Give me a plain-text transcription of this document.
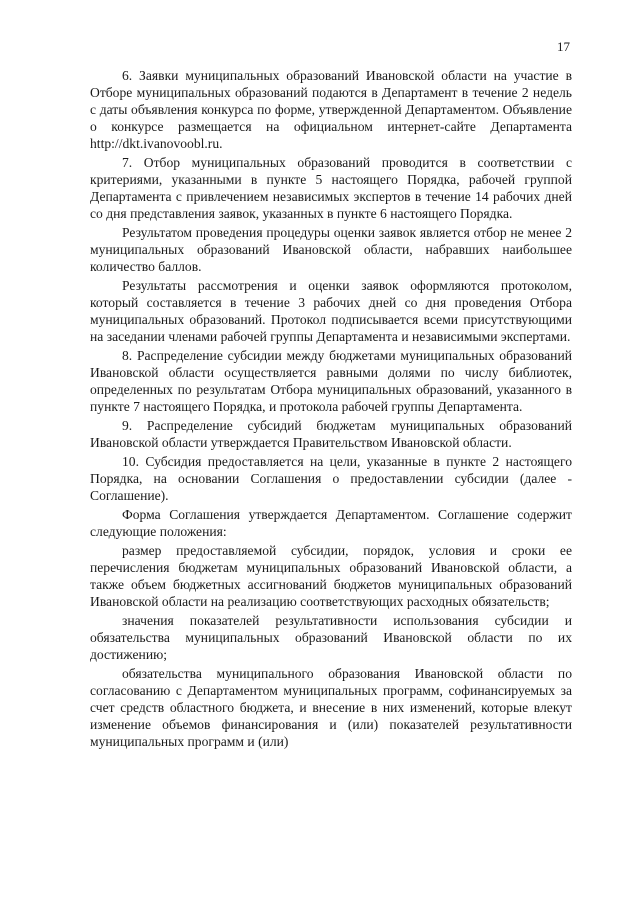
17

6. Заявки муниципальных образований Ивановской области на участие в Отборе муниципальных образований подаются в Департамент в течение 2 недель с даты объявления конкурса по форме, утвержденной Департаментом. Объявление о конкурсе размещается на официальном интернет-сайте Департамента http://dkt.ivanovoobl.ru.

7. Отбор муниципальных образований проводится в соответствии с критериями, указанными в пункте 5 настоящего Порядка, рабочей группой Департамента с привлечением независимых экспертов в течение 14 рабочих дней со дня представления заявок, указанных в пункте 6 настоящего Порядка.

Результатом проведения процедуры оценки заявок является отбор не менее 2 муниципальных образований Ивановской области, набравших наибольшее количество баллов.

Результаты рассмотрения и оценки заявок оформляются протоколом, который составляется в течение 3 рабочих дней со дня проведения Отбора муниципальных образований. Протокол подписывается всеми присутствующими на заседании членами рабочей группы Департамента и независимыми экспертами.

8. Распределение субсидии между бюджетами муниципальных образований Ивановской области осуществляется равными долями по числу библиотек, определенных по результатам Отбора муниципальных образований, указанного в пункте 7 настоящего Порядка, и протокола рабочей группы Департамента.

9. Распределение субсидий бюджетам муниципальных образований Ивановской области утверждается Правительством Ивановской области.

10. Субсидия предоставляется на цели, указанные в пункте 2 настоящего Порядка, на основании Соглашения о предоставлении субсидии (далее - Соглашение).

Форма Соглашения утверждается Департаментом. Соглашение содержит следующие положения:

размер предоставляемой субсидии, порядок, условия и сроки ее перечисления бюджетам муниципальных образований Ивановской области, а также объем бюджетных ассигнований бюджетов муниципальных образований Ивановской области на реализацию соответствующих расходных обязательств;

значения показателей результативности использования субсидии и обязательства муниципальных образований Ивановской области по их достижению;

обязательства муниципального образования Ивановской области по согласованию с Департаментом муниципальных программ, софинансируемых за счет средств областного бюджета, и внесение в них изменений, которые влекут изменение объемов финансирования и (или) показателей результативности муниципальных программ и (или)
